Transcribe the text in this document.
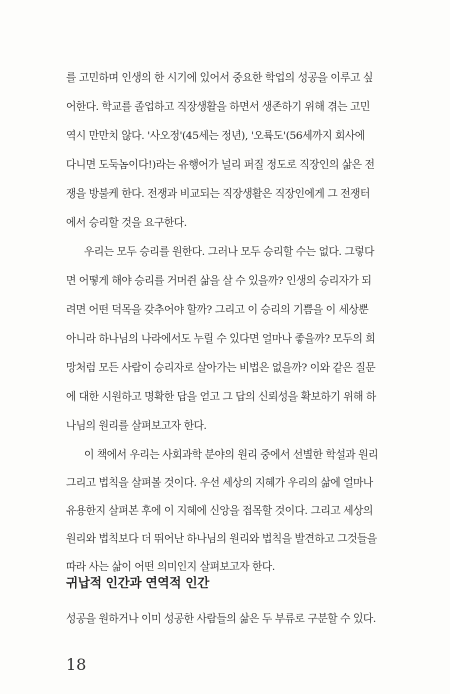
를 고민하며 인생의 한 시기에 있어서 중요한 학업의 성공을 이루고 싶
어한다. 학교를 졸업하고 직장생활을 하면서 생존하기 위해 겪는 고민
역시 만만치 않다. '사오정'(45세는 정년), '오륙도'(56세까지 회사에
다니면 도둑놈이다!)라는 유행어가 널리 퍼질 정도로 직장인의 삶은 전
쟁을 방불케 한다. 전쟁과 비교되는 직장생활은 직장인에게 그 전쟁터
에서 승리할 것을 요구한다.
우리는 모두 승리를 원한다. 그러나 모두 승리할 수는 없다. 그렇다
면 어떻게 해야 승리를 거머쥔 삶을 살 수 있을까? 인생의 승리자가 되
려면 어떤 덕목을 갖추어야 할까? 그리고 이 승리의 기쁨을 이 세상뿐
아니라 하나님의 나라에서도 누릴 수 있다면 얼마나 좋을까? 모두의 희
망처럼 모든 사람이 승리자로 살아가는 비법은 없을까? 이와 같은 질문
에 대한 시원하고 명확한 답을 얻고 그 답의 신뢰성을 확보하기 위해 하
나님의 원리를 살펴보고자 한다.
이 책에서 우리는 사회과학 분야의 원리 중에서 선별한 학설과 원리
그리고 법칙을 살펴볼 것이다. 우선 세상의 지혜가 우리의 삶에 얼마나
유용한지 살펴본 후에 이 지혜에 신앙을 접목할 것이다. 그리고 세상의
원리와 법칙보다 더 뛰어난 하나님의 원리와 법칙을 발견하고 그것들을
귀납적 인간과 연역적 인간
성공을 원하거나 이미 성공한 사람들의 삶은 두 부류로 구분할 수 있다.
18
따라 사는 삶이 어떤 의미인지 살펴보고자 한다.
